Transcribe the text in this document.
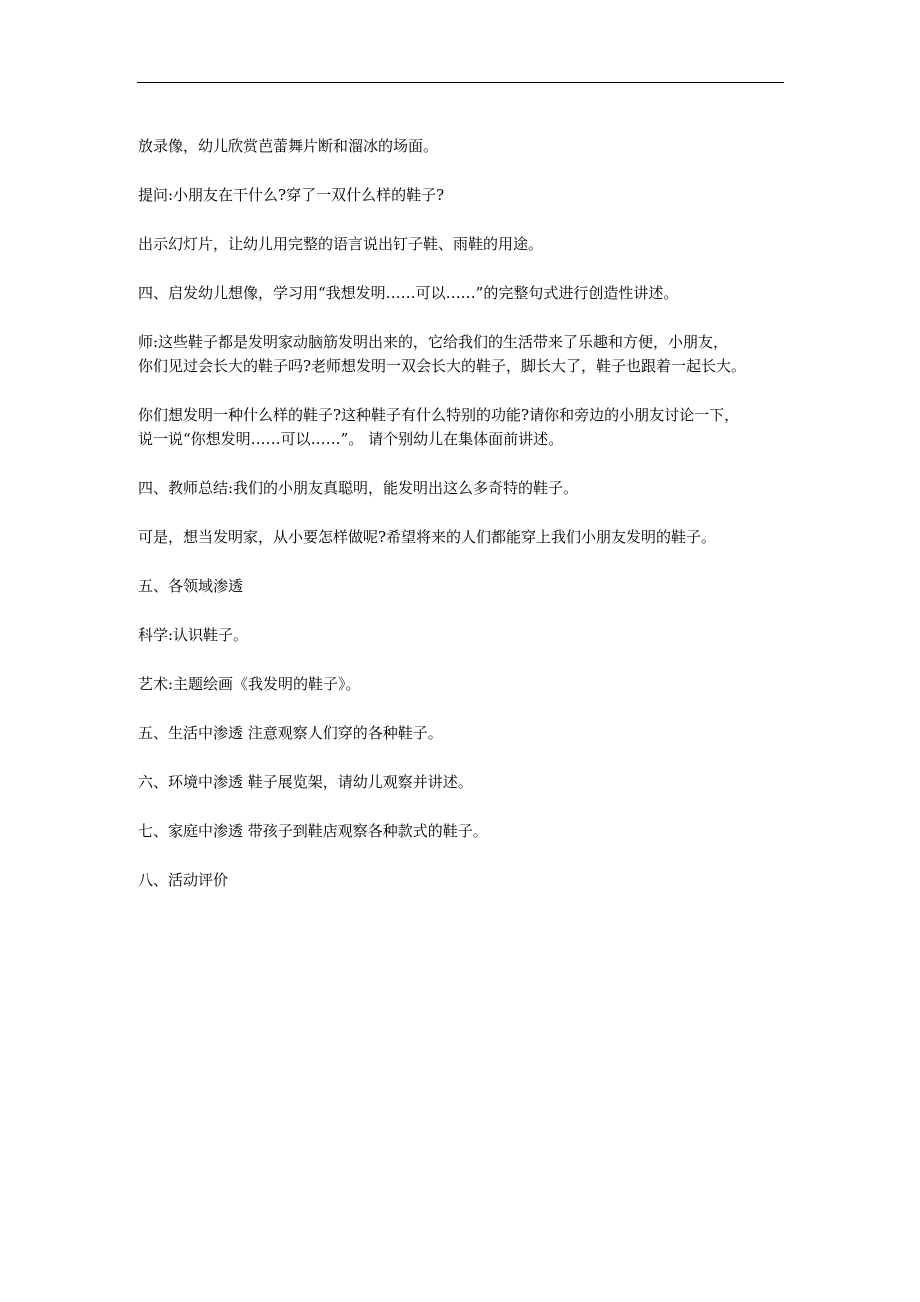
放录像，幼儿欣赏芭蕾舞片断和溜冰的场面。

提问:小朋友在干什么?穿了一双什么样的鞋子?

出示幻灯片，让幼儿用完整的语言说出钉子鞋、雨鞋的用途。

四、启发幼儿想像，学习用“我想发明……可以……”的完整句式进行创造性讲述。

师:这些鞋子都是发明家动脑筋发明出来的，它给我们的生活带来了乐趣和方便，小朋友，
你们见过会长大的鞋子吗?老师想发明一双会长大的鞋子，脚长大了，鞋子也跟着一起长大。

你们想发明一种什么样的鞋子?这种鞋子有什么特别的功能?请你和旁边的小朋友讨论一下，
说一说“你想发明……可以……”。 请个别幼儿在集体面前讲述。

四、教师总结:我们的小朋友真聪明，能发明出这么多奇特的鞋子。

可是，想当发明家，从小要怎样做呢?希望将来的人们都能穿上我们小朋友发明的鞋子。

五、各领域渗透

科学:认识鞋子。

艺术:主题绘画《我发明的鞋子》。

五、生活中渗透 注意观察人们穿的各种鞋子。

六、环境中渗透 鞋子展览架，请幼儿观察并讲述。

七、家庭中渗透 带孩子到鞋店观察各种款式的鞋子。

八、活动评价
